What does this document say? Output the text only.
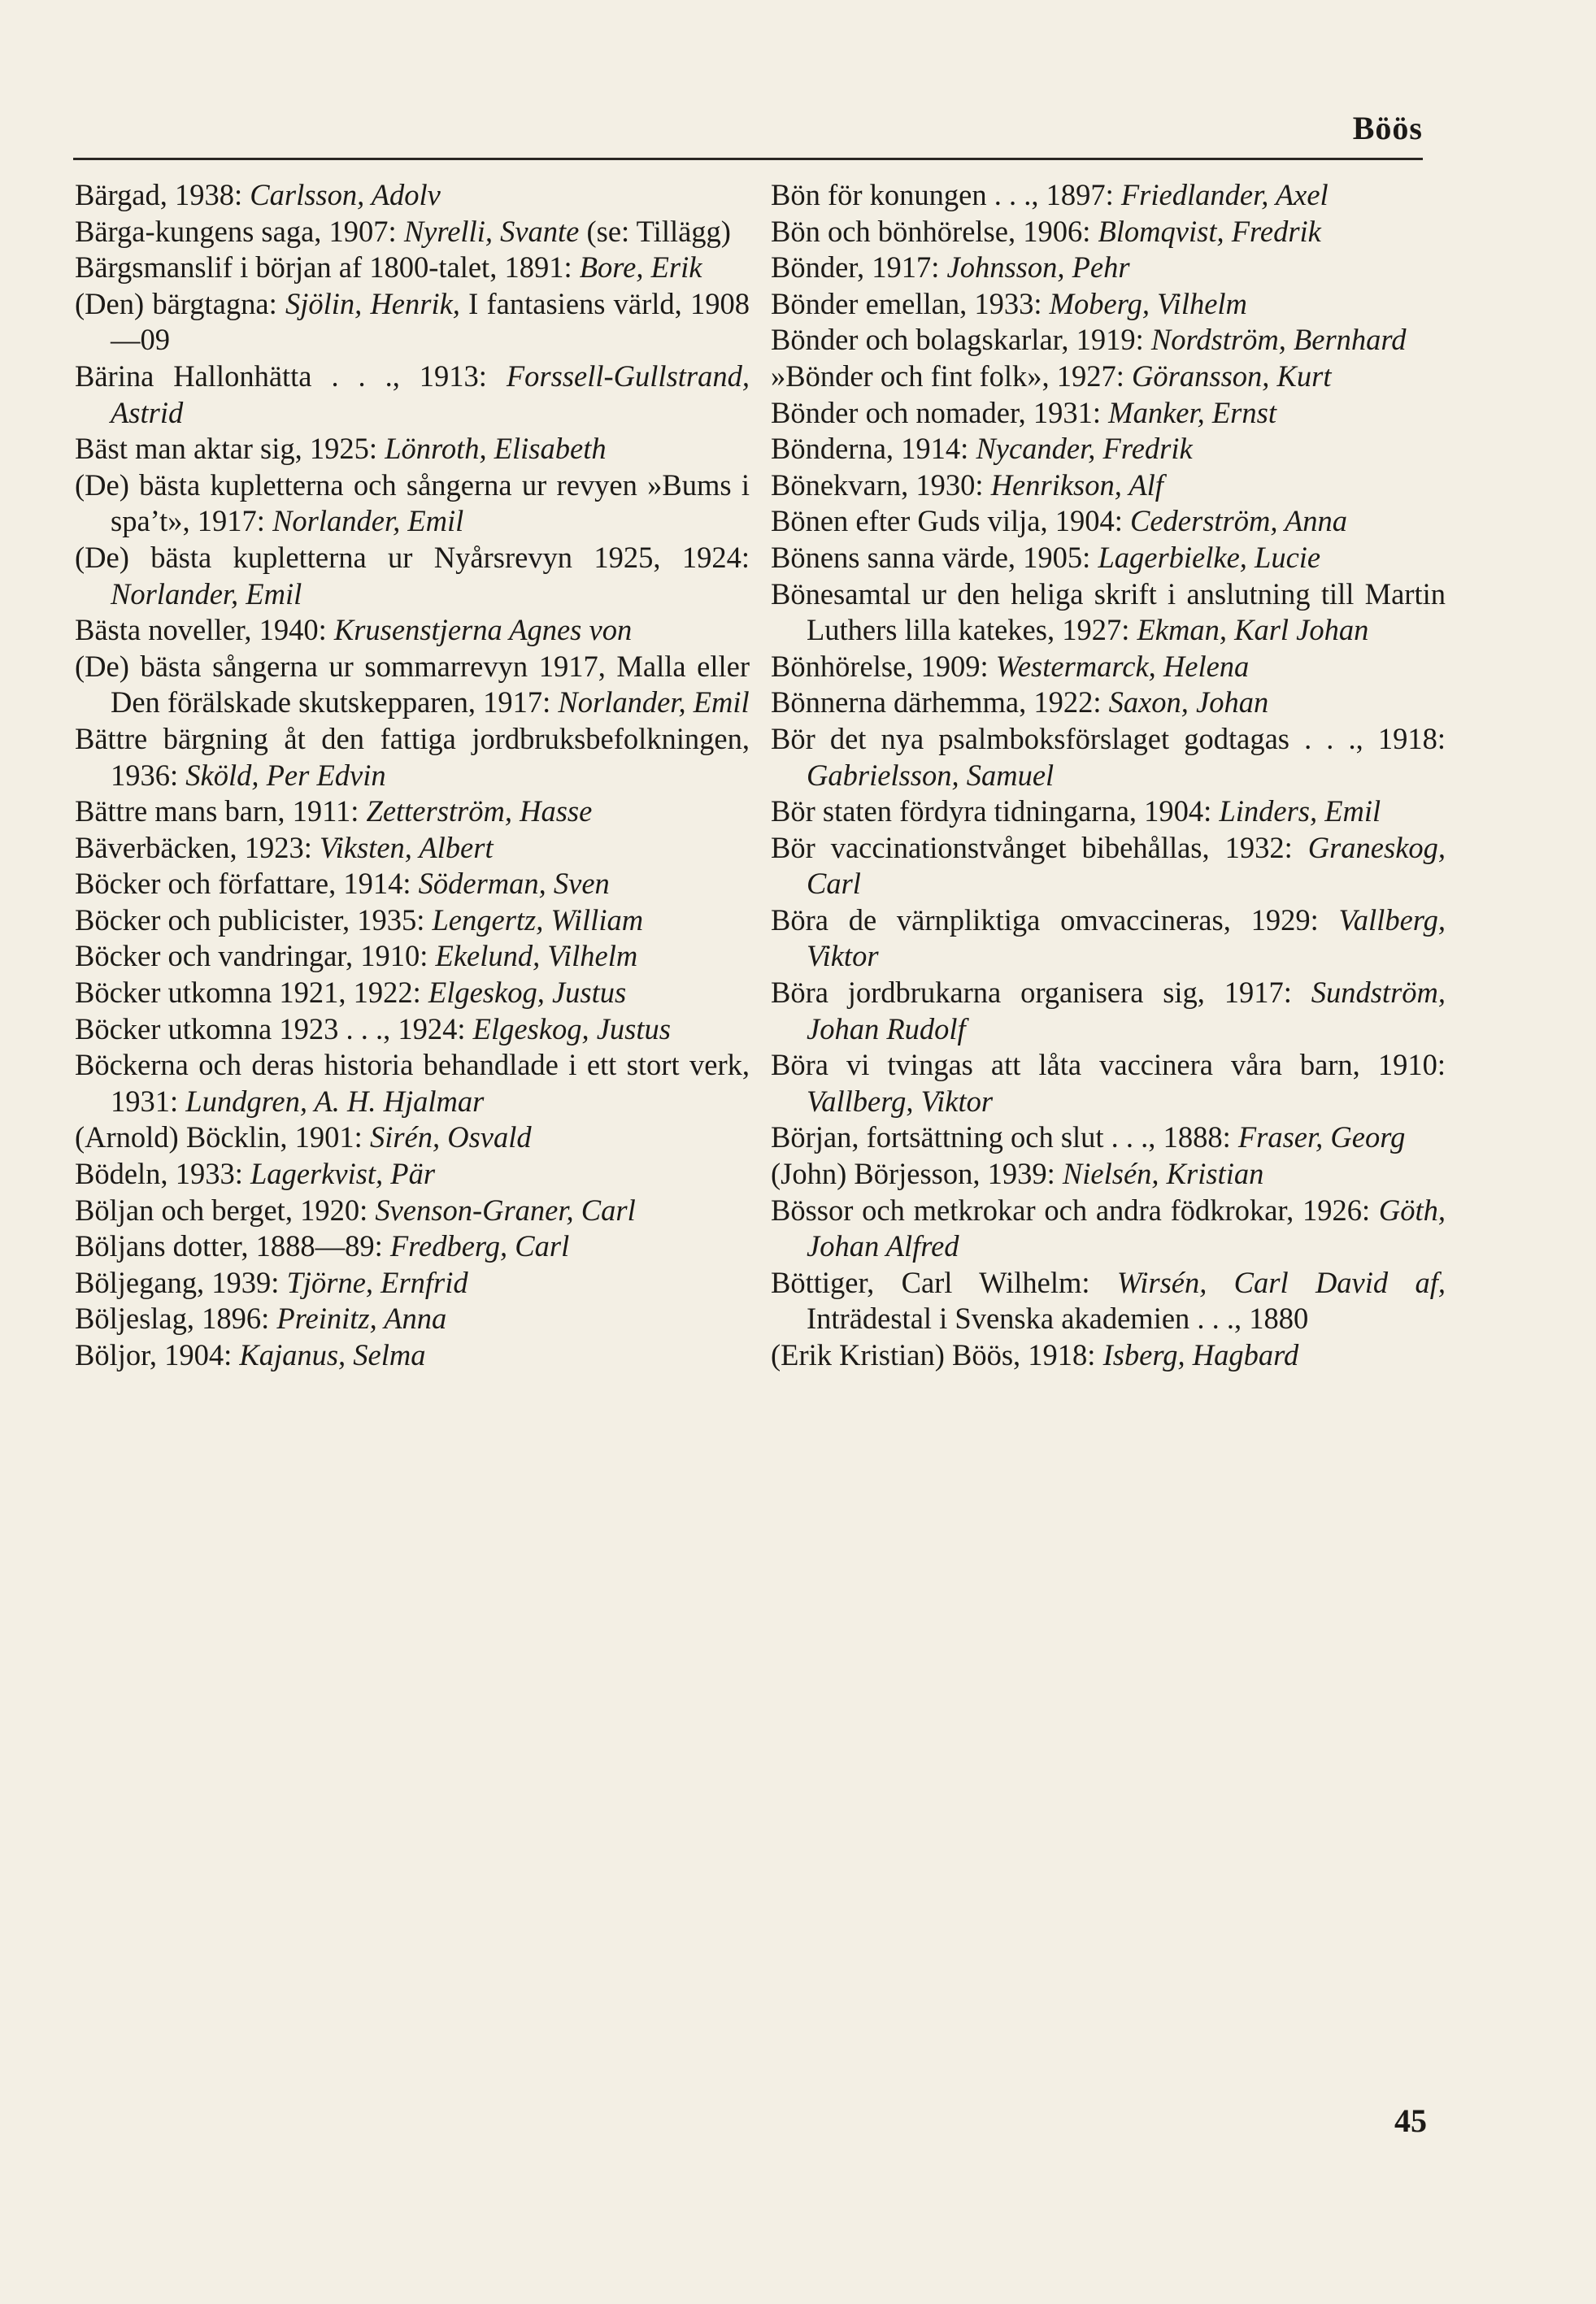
Böös

Bärgad, 1938: Carlsson, Adolv

Bärga-kungens saga, 1907: Nyrelli, Svante (se: Tillägg)

Bärgsmanslif i början af 1800-talet, 1891: Bore, Erik

(Den) bärgtagna: Sjölin, Henrik, I fantasiens värld, 1908—09

Bärina Hallonhätta . . ., 1913: Forssell-Gullstrand, Astrid

Bäst man aktar sig, 1925: Lönroth, Elisabeth

(De) bästa kupletterna och sångerna ur revyen »Bums i spa’t», 1917: Norlander, Emil

(De) bästa kupletterna ur Nyårsrevyn 1925, 1924: Norlander, Emil

Bästa noveller, 1940: Krusenstjerna Agnes von

(De) bästa sångerna ur sommarrevyn 1917, Malla eller Den förälskade skutskepparen, 1917: Norlander, Emil

Bättre bärgning åt den fattiga jordbruksbefolkningen, 1936: Sköld, Per Edvin

Bättre mans barn, 1911: Zetterström, Hasse

Bäverbäcken, 1923: Viksten, Albert

Böcker och författare, 1914: Söderman, Sven

Böcker och publicister, 1935: Lengertz, William

Böcker och vandringar, 1910: Ekelund, Vilhelm

Böcker utkomna 1921, 1922: Elgeskog, Justus

Böcker utkomna 1923 . . ., 1924: Elgeskog, Justus

Böckerna och deras historia behandlade i ett stort verk, 1931: Lundgren, A. H. Hjalmar

(Arnold) Böcklin, 1901: Sirén, Osvald

Bödeln, 1933: Lagerkvist, Pär

Böljan och berget, 1920: Svenson-Graner, Carl

Böljans dotter, 1888—89: Fredberg, Carl

Böljegang, 1939: Tjörne, Ernfrid

Böljeslag, 1896: Preinitz, Anna

Böljor, 1904: Kajanus, Selma

Bön för konungen . . ., 1897: Friedlander, Axel

Bön och bönhörelse, 1906: Blomqvist, Fredrik

Bönder, 1917: Johnsson, Pehr

Bönder emellan, 1933: Moberg, Vilhelm

Bönder och bolagskarlar, 1919: Nordström, Bernhard

»Bönder och fint folk», 1927: Göransson, Kurt

Bönder och nomader, 1931: Manker, Ernst

Bönderna, 1914: Nycander, Fredrik

Bönekvarn, 1930: Henrikson, Alf

Bönen efter Guds vilja, 1904: Cederström, Anna

Bönens sanna värde, 1905: Lagerbielke, Lucie

Bönesamtal ur den heliga skrift i anslutning till Martin Luthers lilla katekes, 1927: Ekman, Karl Johan

Bönhörelse, 1909: Westermarck, Helena

Bönnerna därhemma, 1922: Saxon, Johan

Bör det nya psalmboksförslaget godtagas . . ., 1918: Gabrielsson, Samuel

Bör staten fördyra tidningarna, 1904: Linders, Emil

Bör vaccinationstvånget bibehållas, 1932: Graneskog, Carl

Böra de värnpliktiga omvaccineras, 1929: Vallberg, Viktor

Böra jordbrukarna organisera sig, 1917: Sundström, Johan Rudolf

Böra vi tvingas att låta vaccinera våra barn, 1910: Vallberg, Viktor

Början, fortsättning och slut . . ., 1888: Fraser, Georg

(John) Börjesson, 1939: Nielsén, Kristian

Bössor och metkrokar och andra födkrokar, 1926: Göth, Johan Alfred

Böttiger, Carl Wilhelm: Wirsén, Carl David af, Inträdestal i Svenska akademien . . ., 1880

(Erik Kristian) Böös, 1918: Isberg, Hagbard

45
